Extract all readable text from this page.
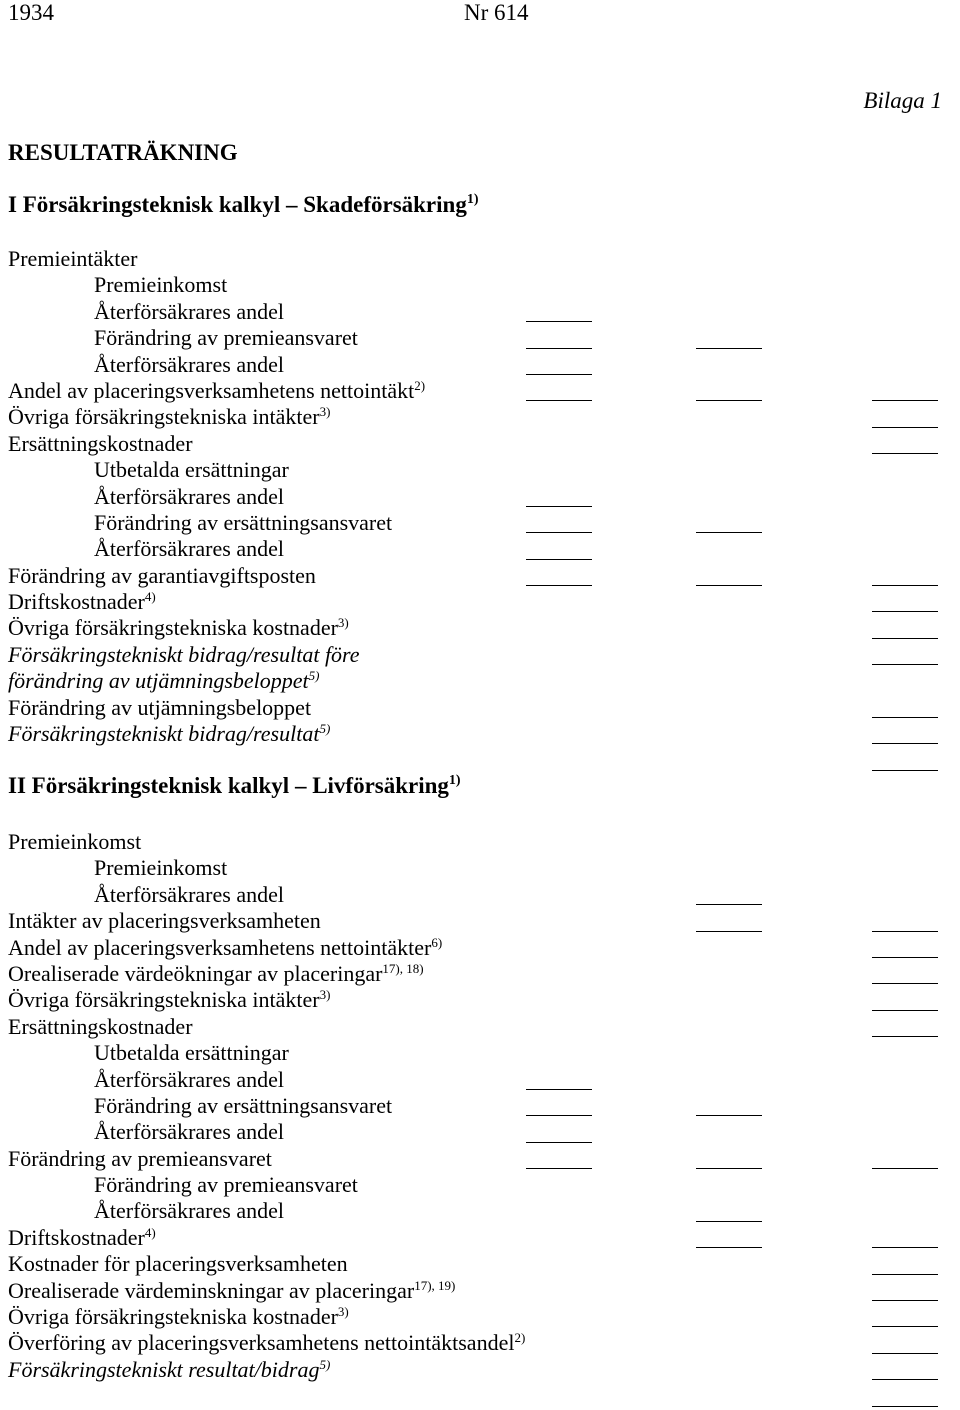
1934	Nr 614
Bilaga 1
RESULTATRÄKNING
I Försäkringsteknisk kalkyl – Skadeförsäkring$^{1)}$
Premieintäkter
Premieinkomst
Återförsäkrares andel
Förändring av premieansvaret
Återförsäkrares andel
Andel av placeringsverksamhetens nettointäkt$^{2)}$
Övriga försäkringstekniska intäkter$^{3)}$
Ersättningskostnader
Utbetalda ersättningar
Återförsäkrares andel
Förändring av ersättningsansvaret
Återförsäkrares andel
Förändring av garantiavgiftsposten
Driftskostnader$^{4)}$
Övriga försäkringstekniska kostnader$^{3)}$
Försäkringstekniskt bidrag/resultat före
förändring av utjämningsbeloppet$^{5)}$
Förändring av utjämningsbeloppet
Försäkringstekniskt bidrag/resultat$^{5)}$
II Försäkringsteknisk kalkyl – Livförsäkring$^{1)}$
Premieinkomst
Premieinkomst
Återförsäkrares andel
Intäkter av placeringsverksamheten
Andel av placeringsverksamhetens nettointäkter$^{6)}$
Orealiserade värdeökningar av placeringar$^{17), 18)}$
Övriga försäkringstekniska intäkter$^{3)}$
Ersättningskostnader
Utbetalda ersättningar
Återförsäkrares andel
Förändring av ersättningsansvaret
Återförsäkrares andel
Förändring av premieansvaret
Förändring av premieansvaret
Återförsäkrares andel
Driftskostnader$^{4)}$
Kostnader för placeringsverksamheten
Orealiserade värdeminskningar av placeringar$^{17), 19)}$
Övriga försäkringstekniska kostnader$^{3)}$
Överföring av placeringsverksamhetens nettointäktsandel$^{2)}$
Försäkringstekniskt resultat/bidrag$^{5)}$
